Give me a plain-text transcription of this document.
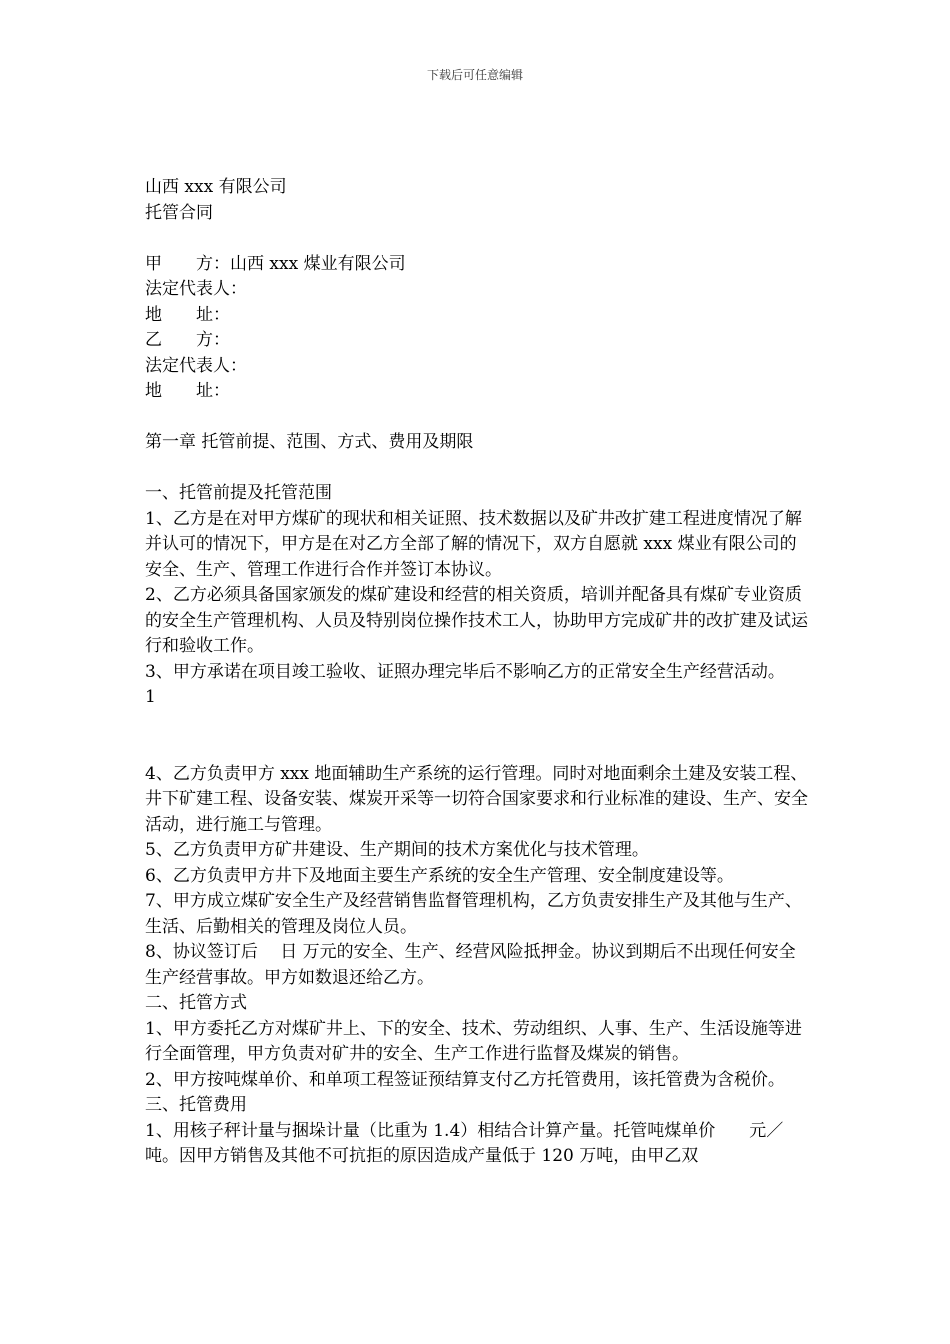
下载后可任意编辑
山西 xxx 有限公司
托管合同
甲　　方：山西 xxx 煤业有限公司
法定代表人：
地　　址：
乙　　方：
法定代表人：
地　　址：
第一章 托管前提、范围、方式、费用及期限
一、托管前提及托管范围
1、乙方是在对甲方煤矿的现状和相关证照、技术数据以及矿井改扩建工程进度情况了解并认可的情况下，甲方是在对乙方全部了解的情况下，双方自愿就 xxx 煤业有限公司的安全、生产、管理工作进行合作并签订本协议。
2、乙方必须具备国家颁发的煤矿建设和经营的相关资质，培训并配备具有煤矿专业资质的安全生产管理机构、人员及特别岗位操作技术工人，协助甲方完成矿井的改扩建及试运行和验收工作。
3、甲方承诺在项目竣工验收、证照办理完毕后不影响乙方的正常安全生产经营活动。
1
4、乙方负责甲方 xxx 地面辅助生产系统的运行管理。同时对地面剩余土建及安装工程、井下矿建工程、设备安装、煤炭开采等一切符合国家要求和行业标准的建设、生产、安全活动，进行施工与管理。
5、乙方负责甲方矿井建设、生产期间的技术方案优化与技术管理。
6、乙方负责甲方井下及地面主要生产系统的安全生产管理、安全制度建设等。
7、甲方成立煤矿安全生产及经营销售监督管理机构，乙方负责安排生产及其他与生产、生活、后勤相关的管理及岗位人员。
8、协议签订后　 日 万元的安全、生产、经营风险抵押金。协议到期后不出现任何安全生产经营事故。甲方如数退还给乙方。
二、托管方式
1、甲方委托乙方对煤矿井上、下的安全、技术、劳动组织、人事、生产、生活设施等进行全面管理，甲方负责对矿井的安全、生产工作进行监督及煤炭的销售。
2、甲方按吨煤单价、和单项工程签证预结算支付乙方托管费用，该托管费为含税价。
三、托管费用
1、用核子秤计量与捆垛计量（比重为 1.4）相结合计算产量。托管吨煤单价　　元／吨。因甲方销售及其他不可抗拒的原因造成产量低于 120 万吨，由甲乙双
